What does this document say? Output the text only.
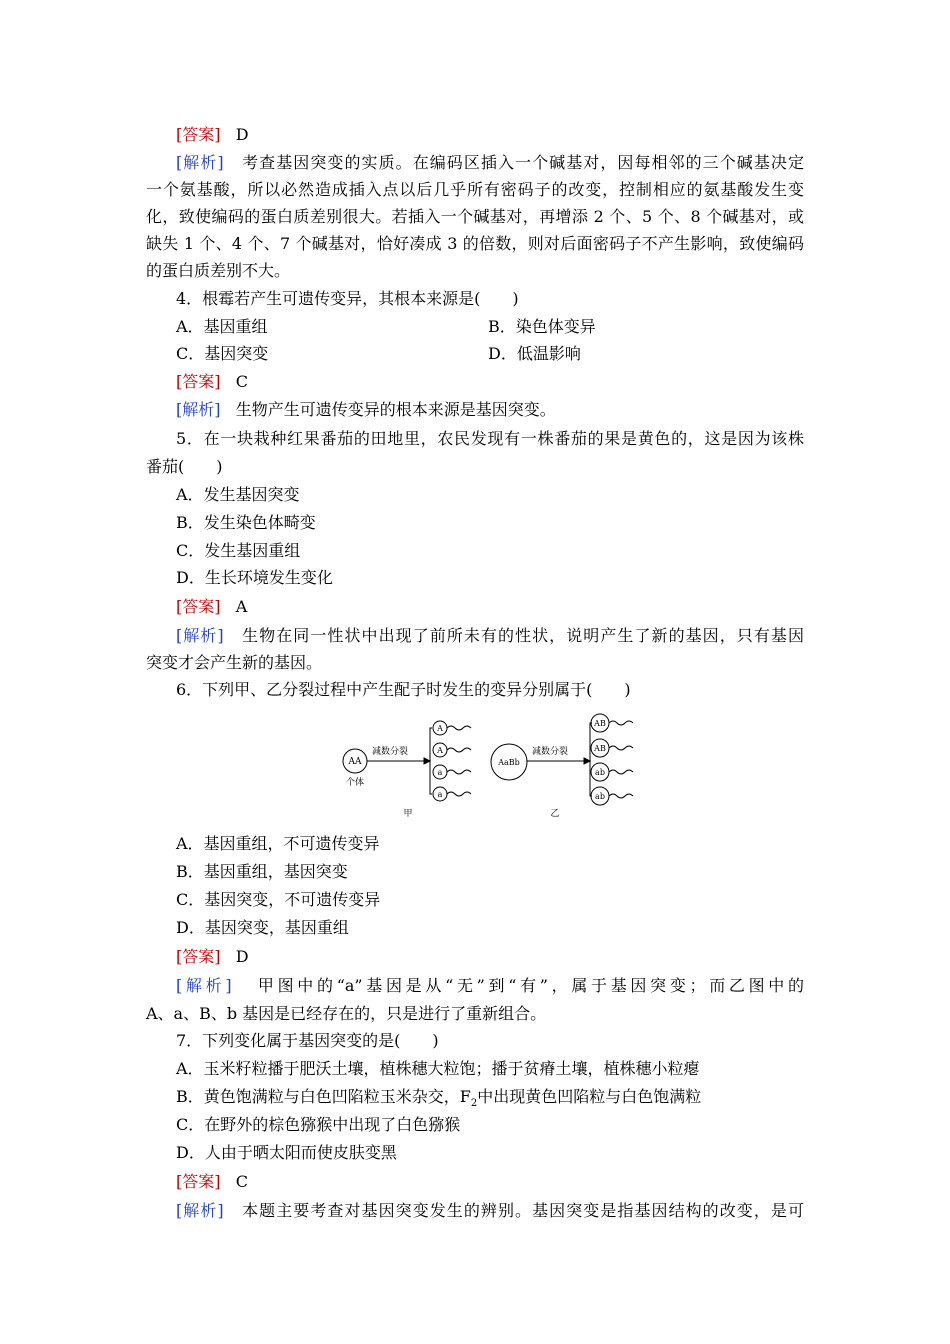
[答案] D
[解析] 考查基因突变的实质。在编码区插入一个碱基对，因每相邻的三个碱基决定
一个氨基酸，所以必然造成插入点以后几乎所有密码子的改变，控制相应的氨基酸发生变
化，致使编码的蛋白质差别很大。若插入一个碱基对，再增添 2 个、5 个、8 个碱基对，或
缺失 1 个、4 个、7 个碱基对，恰好凑成 3 的倍数，则对后面密码子不产生影响，致使编码
的蛋白质差别不大。
4．根霉若产生可遗传变异，其根本来源是(　　)
A．基因重组	B．染色体变异
C．基因突变	D．低温影响
[答案] C
[解析] 生物产生可遗传变异的根本来源是基因突变。
5．在一块栽种红果番茄的田地里，农民发现有一株番茄的果是黄色的，这是因为该株
番茄(　　)
A．发生基因突变
B．发生染色体畸变
C．发生基因重组
D．生长环境发生变化
[答案] A
[解析] 生物在同一性状中出现了前所未有的性状，说明产生了新的基因，只有基因
突变才会产生新的基因。
6．下列甲、乙分裂过程中产生配子时发生的变异分别属于(　　)
AA
个体
减数分裂
A
A
a
a
甲
AaBb
减数分裂
AB
AB
ab
ab
乙
A．基因重组，不可遗传变异
B．基因重组，基因突变
C．基因突变，不可遗传变异
D．基因突变，基因重组
[答案] D
[解析] 甲图中的“a”基因是从“无”到“有”，属于基因突变；而乙图中的
A、a、B、b 基因是已经存在的，只是进行了重新组合。
7．下列变化属于基因突变的是(　　)
A．玉米籽粒播于肥沃土壤，植株穗大粒饱；播于贫瘠土壤，植株穗小粒瘪
B．黄色饱满粒与白色凹陷粒玉米杂交，$F_2$中出现黄色凹陷粒与白色饱满粒
C．在野外的棕色猕猴中出现了白色猕猴
D．人由于晒太阳而使皮肤变黑
[答案] C
[解析] 本题主要考查对基因突变发生的辨别。基因突变是指基因结构的改变，是可
